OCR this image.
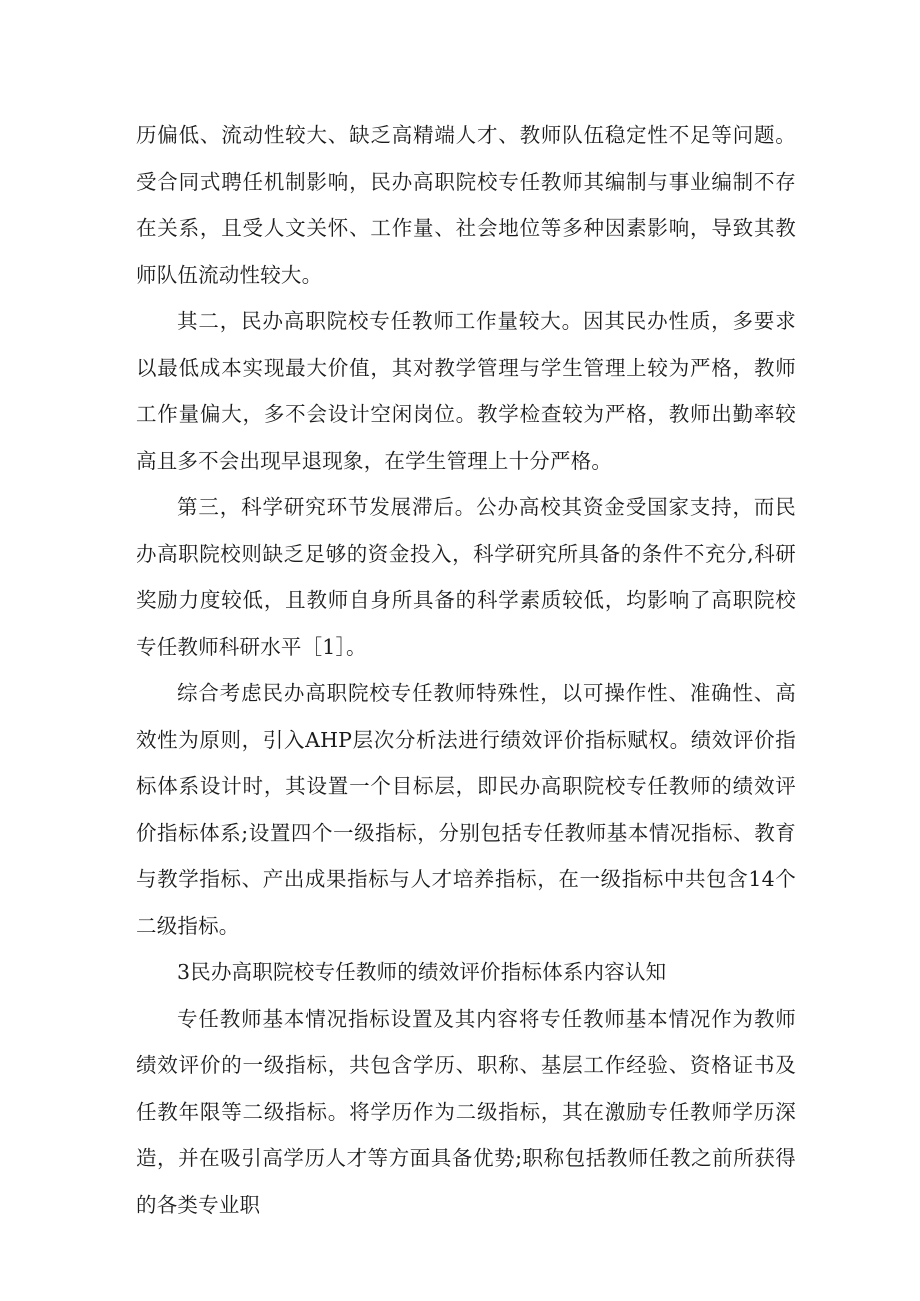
历偏低、流动性较大、缺乏高精端人才、教师队伍稳定性不足等问题。受合同式聘任机制影响，民办高职院校专任教师其编制与事业编制不存在关系，且受人文关怀、工作量、社会地位等多种因素影响，导致其教师队伍流动性较大。

其二，民办高职院校专任教师工作量较大。因其民办性质，多要求以最低成本实现最大价值，其对教学管理与学生管理上较为严格，教师工作量偏大，多不会设计空闲岗位。教学检查较为严格，教师出勤率较高且多不会出现早退现象，在学生管理上十分严格。

第三，科学研究环节发展滞后。公办高校其资金受国家支持，而民办高职院校则缺乏足够的资金投入，科学研究所具备的条件不充分,科研奖励力度较低，且教师自身所具备的科学素质较低，均影响了高职院校专任教师科研水平［1］。

综合考虑民办高职院校专任教师特殊性，以可操作性、准确性、高效性为原则，引入AHP层次分析法进行绩效评价指标赋权。绩效评价指标体系设计时，其设置一个目标层，即民办高职院校专任教师的绩效评价指标体系;设置四个一级指标，分别包括专任教师基本情况指标、教育与教学指标、产出成果指标与人才培养指标，在一级指标中共包含14个二级指标。

3民办高职院校专任教师的绩效评价指标体系内容认知

专任教师基本情况指标设置及其内容将专任教师基本情况作为教师绩效评价的一级指标，共包含学历、职称、基层工作经验、资格证书及任教年限等二级指标。将学历作为二级指标，其在激励专任教师学历深造，并在吸引高学历人才等方面具备优势;职称包括教师任教之前所获得的各类专业职
